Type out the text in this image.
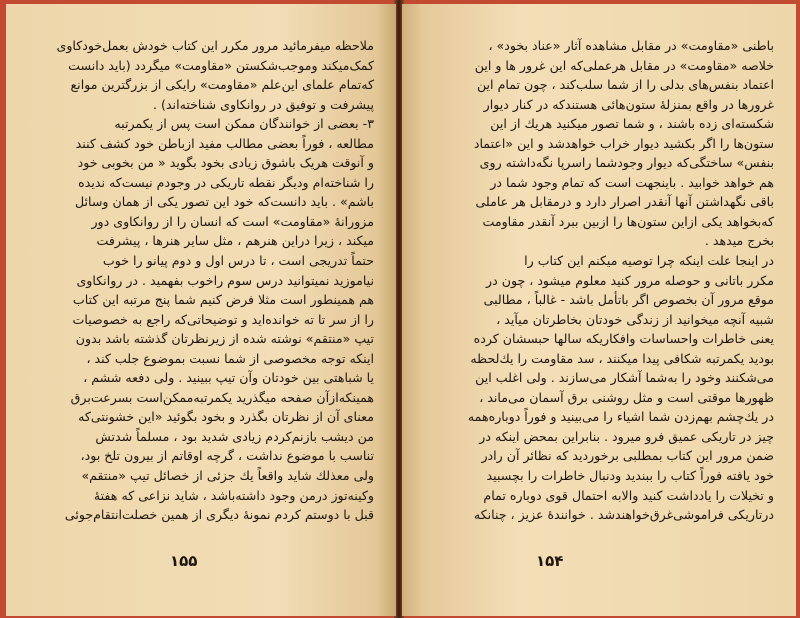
ملاحظه میفرمائید مرور مکرر این کتاب خودش بعمل‌خودکاوی
کمک‌میکند وموجب‌شکستن «مقاومت» میگردد (باید دانست
که‌تمام علمای این‌علم «مقاومت» رایکی از بزرگترین موانع
پیشرفت و توفیق در روانکاوی شناخته‌اند) .
۳- بعضی از خوانندگان ممکن است پس از یکمرتبه
مطالعه ، فوراً بعضی مطالب مفید ازباطن خود کشف کنند
و آنوقت هریک باشوق زیادی بخود بگوید « من بخوبی خود
را شناخته‌ام ودیگر نقطه تاریکی در وجودم نیست‌که ندیده
باشم» . باید دانست‌که خود این تصور یکی از همان وسائل
مزورانهٔ «مقاومت» است که انسان را از روانکاوی دور
میکند ، زیرا دراین هنرهم ، مثل سایر هنرها ، پیشرفت
حتماً تدریجی است ، تا درس اول و دوم پیانو را خوب
نیاموزید نمیتوانید درس سوم راخوب بفهمید . در روانکاوی
هم همینطور است مثلا فرض کنیم شما پنج مرتبه این کتاب
را از سر تا ته خوانده‌اید و توضیحاتی‌که راجع به خصوصیات
تیپ «منتقم» نوشته شده از زیرنظرتان گذشته باشد بدون
اینکه توجه مخصوصی از شما نسبت بموضوع جلب کند ،
یا شباهتی بین خودتان وآن تیپ ببینید . ولی دفعه ششم ،
همینکه‌ازآن صفحه میگذرید یکمرتبه‌ممکن‌است بسرعت‌برق
معنای آن از نظرتان بگذرد و بخود بگوئید «این خشونتی‌که
من دیشب بازنم‌کردم زیادی شدید بود ، مسلماً شدتش
تناسب با موضوع نداشت ، گرچه اوقاتم از بیرون تلخ بود،
ولی معذلك شاید واقعاً یك جزئی از خصائل تیپ «منتقم»
وکینه‌توز درمن وجود داشته‌باشد ، شاید نزاعی که هفتهٔ
قبل با دوستم کردم نمونهٔ دیگری از همین خصلت‌انتقام‌جوئی
۱۵۵
باطنی «مقاومت» در مقابل مشاهده آثار «عناد بخود» ،
خلاصه «مقاومت» در مقابل هرعملی‌که این غرور ها و این
اعتماد بنفس‌های بدلی را از شما سلب‌کند ، چون تمام این
غرورها در واقع بمنزلهٔ ستون‌هائی هستندکه در کنار دیوار
شکسته‌ای زده باشند ، و شما تصور میکنید هریك از این
ستون‌ها را اگر بکشید دیوار خراب خواهدشد و این «اعتماد
بنفس» ساختگی‌که دیوار وجودشما راسرپا نگه‌داشته روی
هم خواهد خوابید . باینجهت است که تمام وجود شما در
باقی نگهداشتن آنها آنقدر اصرار دارد و درمقابل هر عاملی
که‌بخواهد یکی ازاین ستون‌ها را ازبین ببرد آنقدر مقاومت
بخرج میدهد .
در اینجا علت اینکه چرا توصیه میکنم این کتاب را
مکرر باتانی و حوصله مرور کنید معلوم میشود ، چون در
موقع مرور آن بخصوص اگر باتأمل باشد - غالباً ، مطالبی
شبیه آنچه میخوانید از زندگی خودتان بخاطرتان میآید ،
یعنی خاطرات واحساسات وافکاریکه سالها حبسشان کرده
بودید یکمرتبه شکافی پیدا میکنند ، سد مقاومت را یك‌لحظه
می‌شکنند وخود را به‌شما آشکار می‌سازند . ولی اغلب این
ظهورها موقتی است و مثل روشنی برق آسمان می‌ماند ،
در یك‌چشم بهم‌زدن شما اشیاء را می‌بینید و فوراً دوباره‌همه
چیز در تاریکی عمیق فرو میرود . بنابراین بمحض اینکه در
ضمن مرور این کتاب بمطلبی برخوردید که نظائر آن رادر
خود یافته فوراً کتاب را ببندید ودنبال خاطرات را بچسبید
و تخیلات را یادداشت کنید والابه احتمال قوی دوباره تمام
درتاریکی فراموشی‌غرق‌خواهندشد . خوانندهٔ عزیز ، چنانکه
۱۵۴
